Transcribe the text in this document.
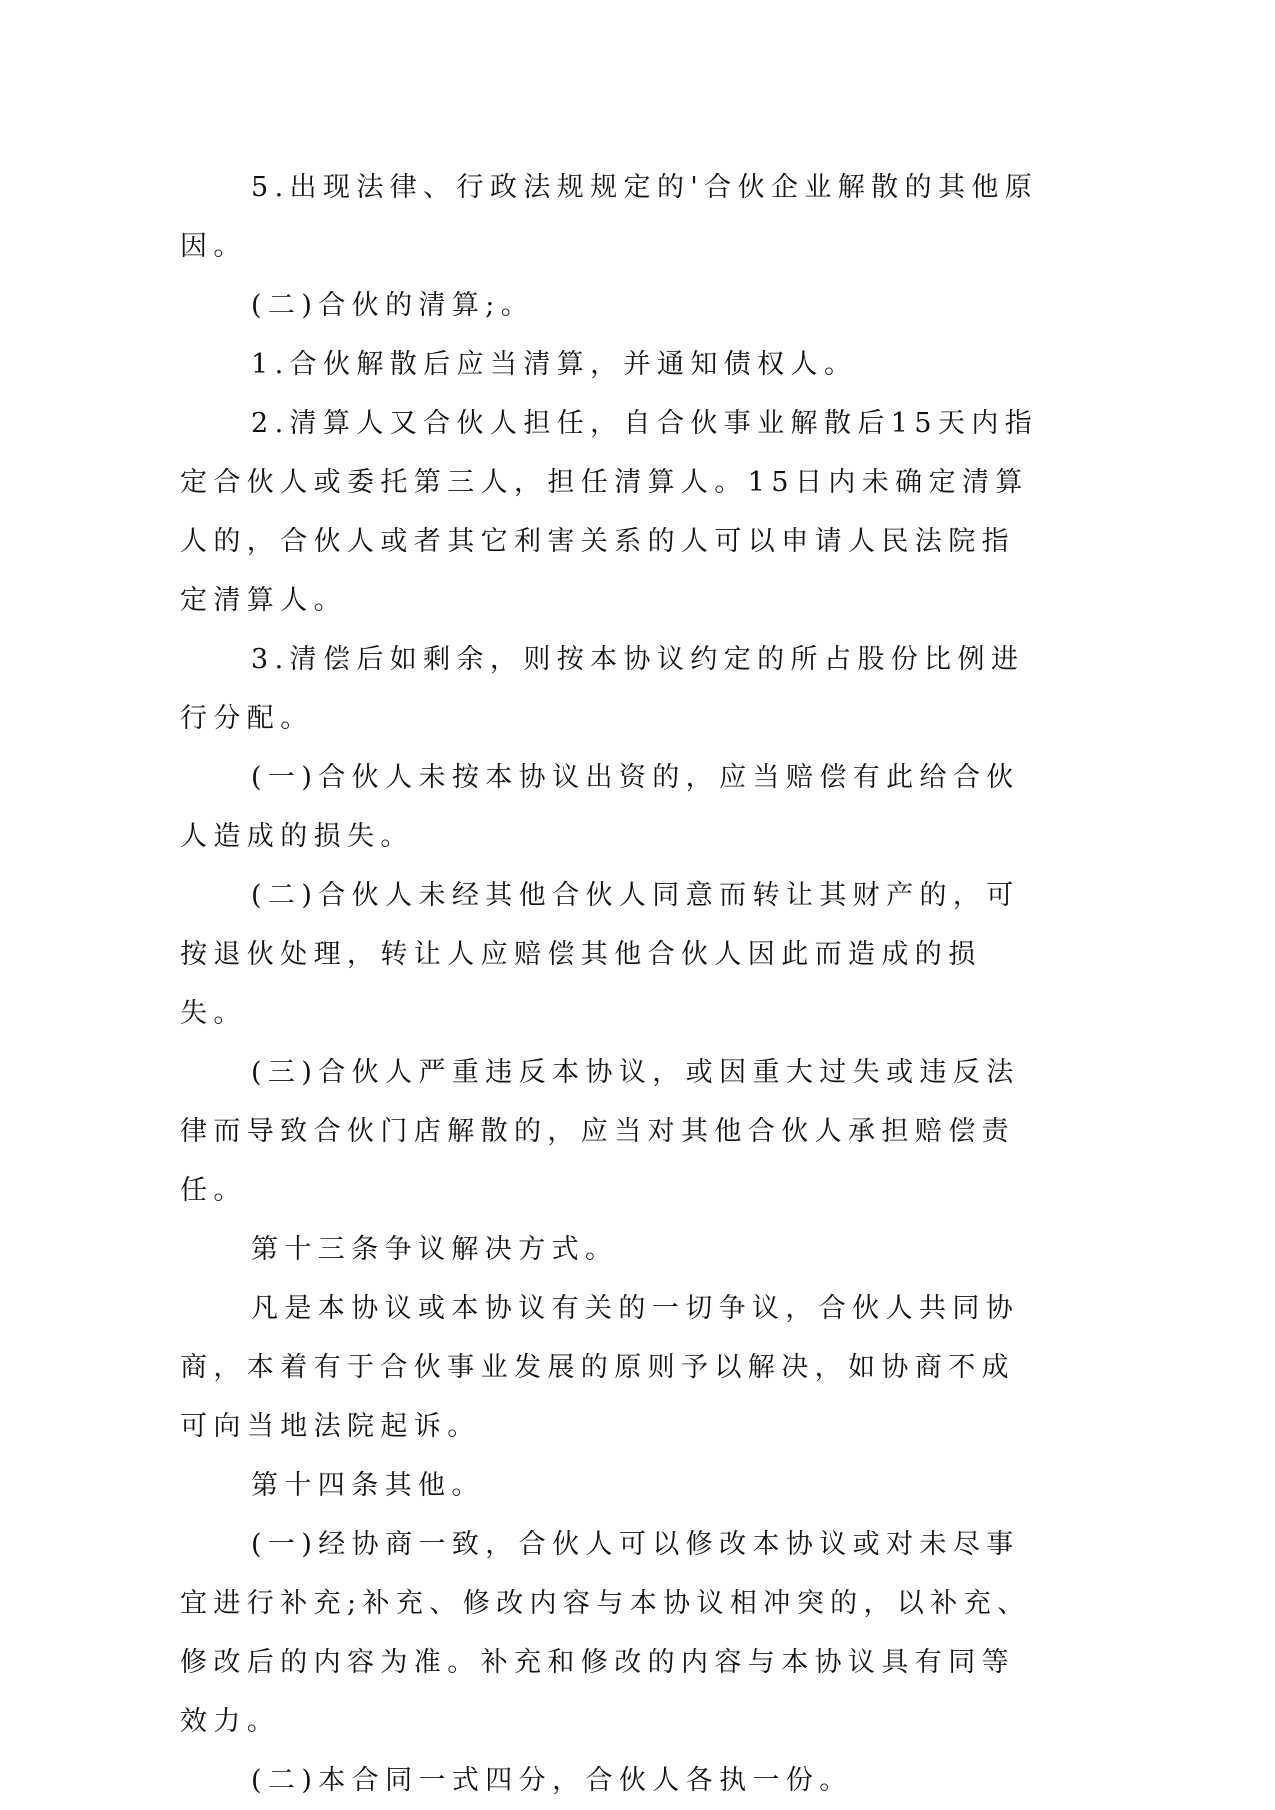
5.出现法律、行政法规规定的'合伙企业解散的其他原因。

(二)合伙的清算;。

1.合伙解散后应当清算，并通知债权人。

2.清算人又合伙人担任，自合伙事业解散后15天内指定合伙人或委托第三人，担任清算人。15日内未确定清算人的，合伙人或者其它利害关系的人可以申请人民法院指定清算人。

3.清偿后如剩余，则按本协议约定的所占股份比例进行分配。

(一)合伙人未按本协议出资的，应当赔偿有此给合伙人造成的损失。

(二)合伙人未经其他合伙人同意而转让其财产的，可按退伙处理，转让人应赔偿其他合伙人因此而造成的损失。

(三)合伙人严重违反本协议，或因重大过失或违反法律而导致合伙门店解散的，应当对其他合伙人承担赔偿责任。

第十三条争议解决方式。

凡是本协议或本协议有关的一切争议，合伙人共同协商，本着有于合伙事业发展的原则予以解决，如协商不成可向当地法院起诉。

第十四条其他。

(一)经协商一致，合伙人可以修改本协议或对未尽事宜进行补充;补充、修改内容与本协议相冲突的，以补充、修改后的内容为准。补充和修改的内容与本协议具有同等效力。

(二)本合同一式四分，合伙人各执一份。
